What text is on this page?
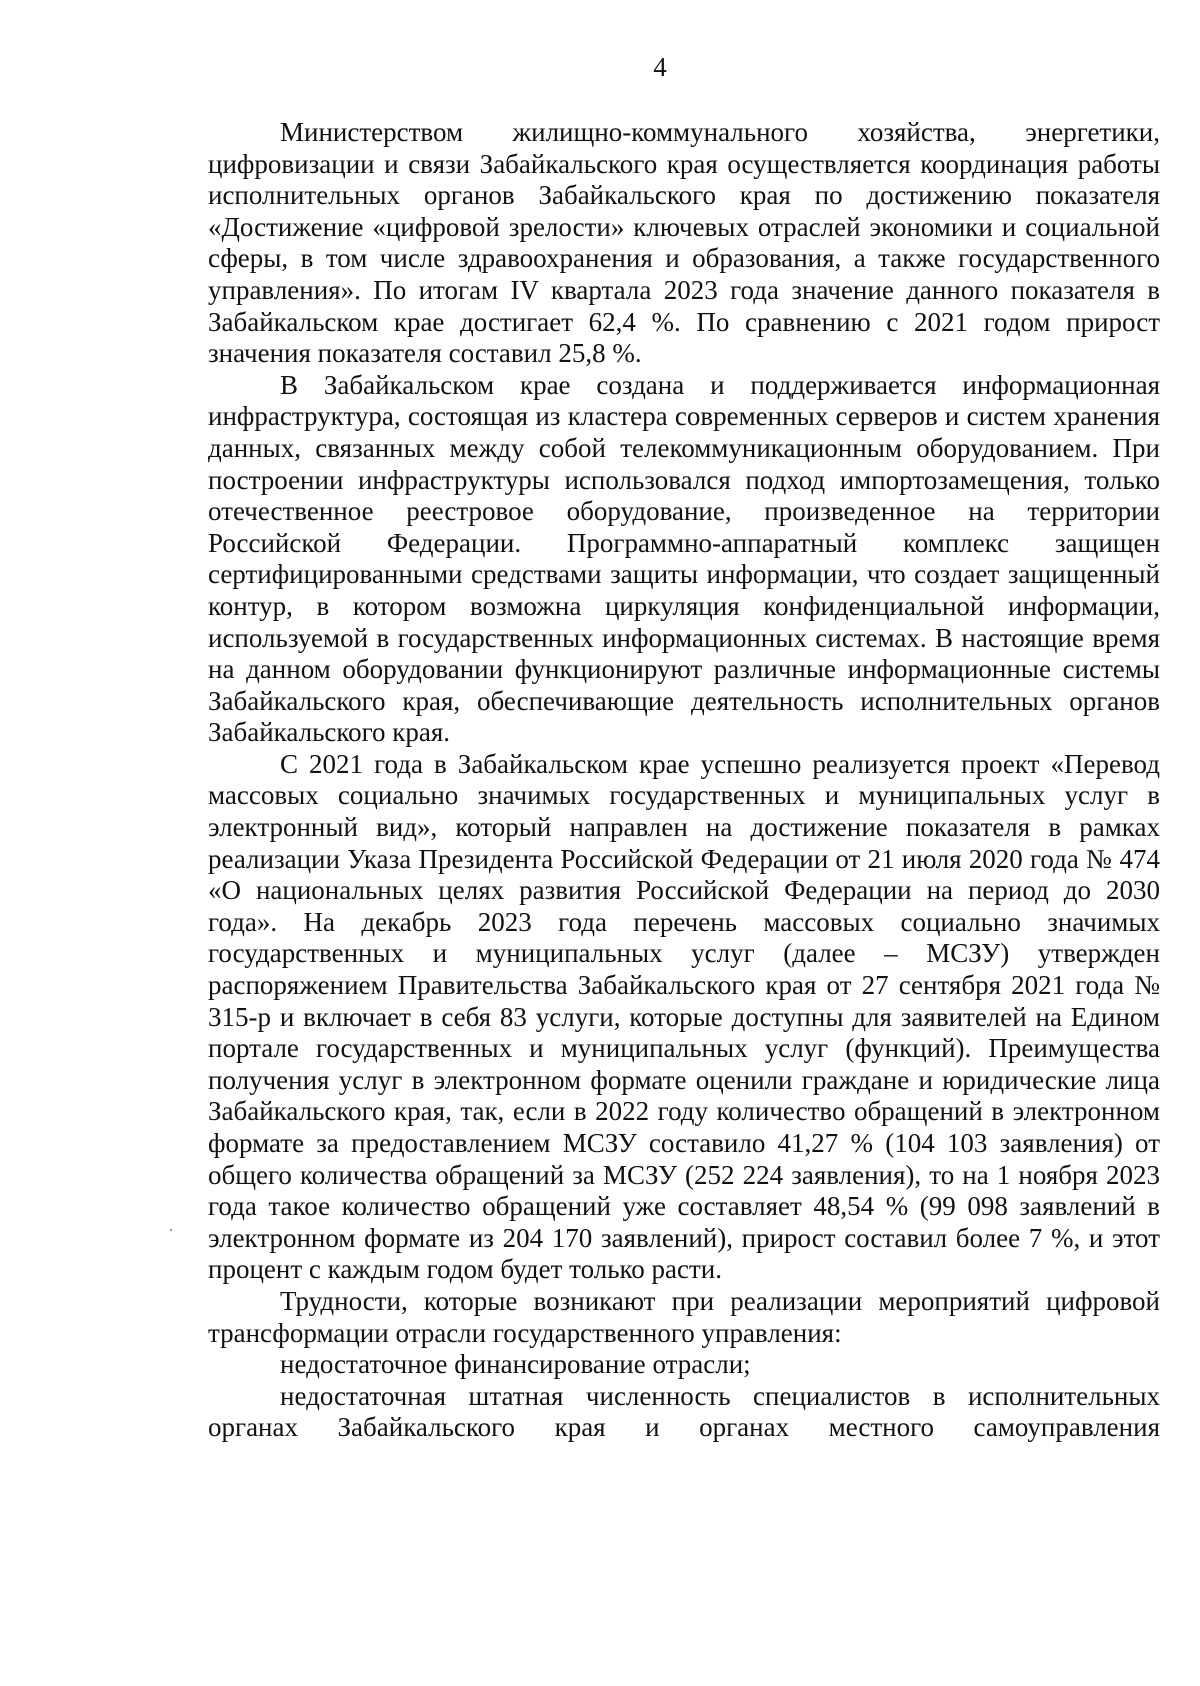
4

Министерством жилищно-коммунального хозяйства, энергетики, цифровизации и связи Забайкальского края осуществляется координация работы исполнительных органов Забайкальского края по достижению показателя «Достижение «цифровой зрелости» ключевых отраслей экономики и социальной сферы, в том числе здравоохранения и образования, а также государственного управления». По итогам IV квартала 2023 года значение данного показателя в Забайкальском крае достигает 62,4 %. По сравнению с 2021 годом прирост значения показателя составил 25,8 %.

В Забайкальском крае создана и поддерживается информационная инфраструктура, состоящая из кластера современных серверов и систем хранения данных, связанных между собой телекоммуникационным оборудованием. При построении инфраструктуры использовался подход импортозамещения, только отечественное реестровое оборудование, произведенное на территории Российской Федерации. Программно-аппаратный комплекс защищен сертифицированными средствами защиты информации, что создает защищенный контур, в котором возможна циркуляция конфиденциальной информации, используемой в государственных информационных системах. В настоящие время на данном оборудовании функционируют различные информационные системы Забайкальского края, обеспечивающие деятельность исполнительных органов Забайкальского края.

С 2021 года в Забайкальском крае успешно реализуется проект «Перевод массовых социально значимых государственных и муниципальных услуг в электронный вид», который направлен на достижение показателя в рамках реализации Указа Президента Российской Федерации от 21 июля 2020 года № 474 «О национальных целях развития Российской Федерации на период до 2030 года». На декабрь 2023 года перечень массовых социально значимых государственных и муниципальных услуг (далее – МСЗУ) утвержден распоряжением Правительства Забайкальского края от 27 сентября 2021 года № 315-р и включает в себя 83 услуги, которые доступны для заявителей на Едином портале государственных и муниципальных услуг (функций). Преимущества получения услуг в электронном формате оценили граждане и юридические лица Забайкальского края, так, если в 2022 году количество обращений в электронном формате за предоставлением МСЗУ составило 41,27 % (104 103 заявления) от общего количества обращений за МСЗУ (252 224 заявления), то на 1 ноября 2023 года такое количество обращений уже составляет 48,54 % (99 098 заявлений в электронном формате из 204 170 заявлений), прирост составил более 7 %, и этот процент с каждым годом будет только расти.

Трудности, которые возникают при реализации мероприятий цифровой трансформации отрасли государственного управления:

недостаточное финансирование отрасли;

недостаточная штатная численность специалистов в исполнительных органах Забайкальского края и органах местного самоуправления
